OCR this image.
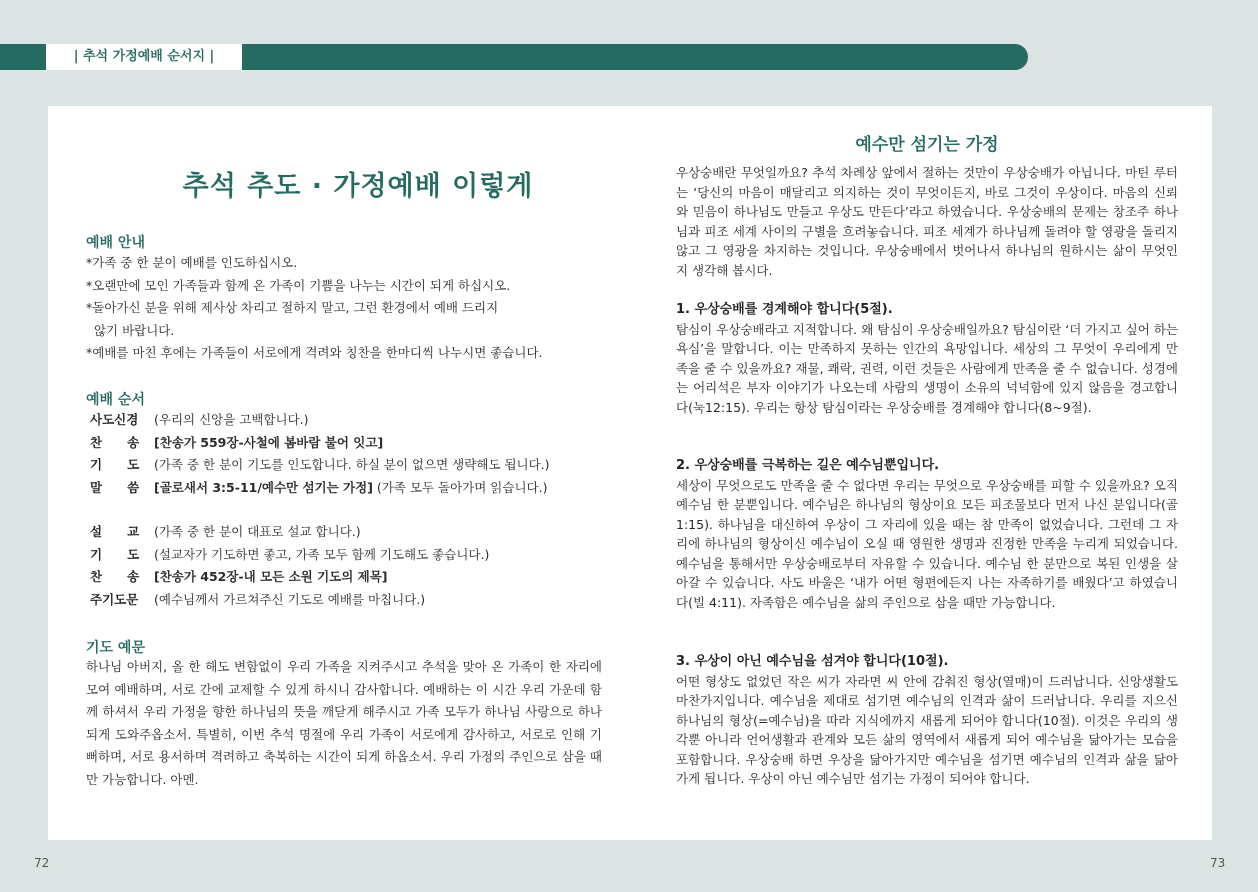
| 추석 가정예배 순서지 |
추석 추도 · 가정예배 이렇게
예배 안내
*가족 중 한 분이 예배를 인도하십시오.
*오랜만에 모인 가족들과 함께 온 가족이 기쁨을 나누는 시간이 되게 하십시오.
*돌아가신 분을 위해 제사상 차리고 절하지 말고, 그런 환경에서 예배 드리지
않기 바랍니다.
*예배를 마친 후에는 가족들이 서로에게 격려와 칭찬을 한마디씩 나누시면 좋습니다.
예배 순서
사도신경	(우리의 신앙을 고백합니다.)
찬　　송	[찬송가 559장-사철에 봄바람 불어 잇고]
기　　도	(가족 중 한 분이 기도를 인도합니다. 하실 분이 없으면 생략해도 됩니다.)
말　　씀	[골로새서 3:5-11/예수만 섬기는 가정] (가족 모두 돌아가며 읽습니다.)
설　　교	(가족 중 한 분이 대표로 설교 합니다.)
기　　도	(설교자가 기도하면 좋고, 가족 모두 함께 기도해도 좋습니다.)
찬　　송	[찬송가 452장-내 모든 소원 기도의 제목]
주기도문	(예수님께서 가르쳐주신 기도로 예배를 마칩니다.)
기도 예문
하나님 아버지, 올 한 해도 변함없이 우리 가족을 지켜주시고 추석을 맞아 온 가족이 한 자리에 모여 예배하며, 서로 간에 교제할 수 있게 하시니 감사합니다. 예배하는 이 시간 우리 가운데 함께 하셔서 우리 가정을 향한 하나님의 뜻을 깨닫게 해주시고 가족 모두가 하나님 사랑으로 하나 되게 도와주옵소서. 특별히, 이번 추석 명절에 우리 가족이 서로에게 감사하고, 서로로 인해 기뻐하며, 서로 용서하며 격려하고 축복하는 시간이 되게 하옵소서. 우리 가정의 주인으로 삼을 때만 가능합니다. 아멘.
예수만 섬기는 가정

우상숭배란 무엇일까요? 추석 차례상 앞에서 절하는 것만이 우상숭배가 아닙니다. 마틴 루터는 ‘당신의 마음이 매달리고 의지하는 것이 무엇이든지, 바로 그것이 우상이다. 마음의 신뢰와 믿음이 하나님도 만들고 우상도 만든다’라고 하였습니다. 우상숭배의 문제는 창조주 하나님과 피조 세계 사이의 구별을 흐려놓습니다. 피조 세계가 하나님께 돌려야 할 영광을 돌리지 않고 그 영광을 차지하는 것입니다. 우상숭배에서 벗어나서 하나님의 원하시는 삶이 무엇인지 생각해 봅시다.

1. 우상숭배를 경계해야 합니다(5절).

탐심이 우상숭배라고 지적합니다. 왜 탐심이 우상숭배일까요? 탐심이란 ‘더 가지고 싶어 하는 욕심’을 말합니다. 이는 만족하지 못하는 인간의 욕망입니다. 세상의 그 무엇이 우리에게 만족을 줄 수 있을까요? 재물, 쾌락, 권력, 이런 것들은 사람에게 만족을 줄 수 없습니다. 성경에는 어리석은 부자 이야기가 나오는데 사람의 생명이 소유의 넉넉함에 있지 않음을 경고합니다(눅12:15). 우리는 항상 탐심이라는 우상숭배를 경계해야 합니다(8~9절).

2. 우상숭배를 극복하는 길은 예수님뿐입니다.

세상이 무엇으로도 만족을 줄 수 없다면 우리는 무엇으로 우상숭배를 피할 수 있을까요? 오직 예수님 한 분뿐입니다. 예수님은 하나님의 형상이요 모든 피조물보다 먼저 나신 분입니다(골 1:15). 하나님을 대신하여 우상이 그 자리에 있을 때는 참 만족이 없었습니다. 그런데 그 자리에 하나님의 형상이신 예수님이 오실 때 영원한 생명과 진정한 만족을 누리게 되었습니다. 예수님을 통해서만 우상숭배로부터 자유할 수 있습니다. 예수님 한 분만으로 복된 인생을 살아갈 수 있습니다. 사도 바울은 ‘내가 어떤 형편에든지 나는 자족하기를 배웠다’고 하였습니다(빌 4:11). 자족함은 예수님을 삶의 주인으로 삼을 때만 가능합니다.

3. 우상이 아닌 예수님을 섬겨야 합니다(10절).

어떤 형상도 없었던 작은 씨가 자라면 씨 안에 감춰진 형상(열매)이 드러납니다. 신앙생활도 마찬가지입니다. 예수님을 제대로 섬기면 예수님의 인격과 삶이 드러납니다. 우리를 지으신 하나님의 형상(=예수님)을 따라 지식에까지 새롭게 되어야 합니다(10절). 이것은 우리의 생각뿐 아니라 언어생활과 관계와 모든 삶의 영역에서 새롭게 되어 예수님을 닮아가는 모습을 포함합니다. 우상숭배 하면 우상을 닮아가지만 예수님을 섬기면 예수님의 인격과 삶을 닮아가게 됩니다. 우상이 아닌 예수님만 섬기는 가정이 되어야 합니다.

72	73
